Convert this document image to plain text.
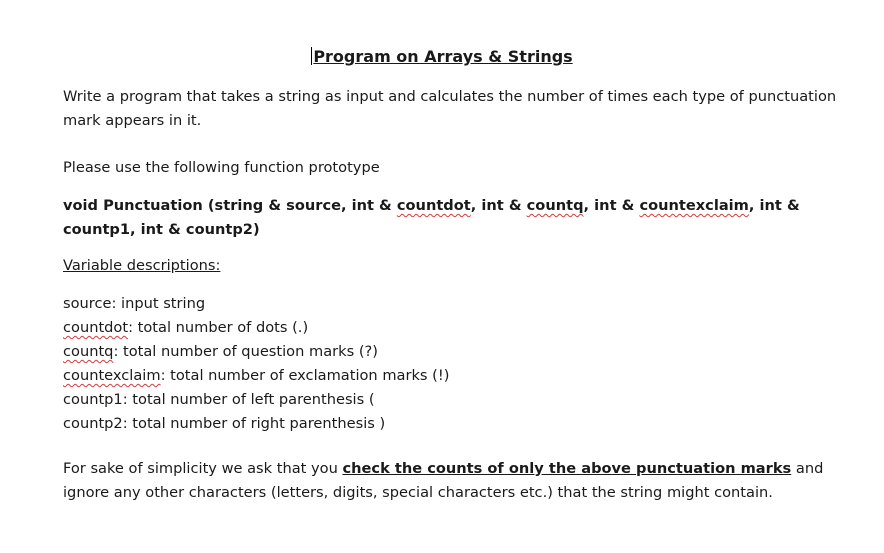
Program on Arrays & Strings

Write a program that takes a string as input and calculates the number of times each type of punctuation mark appears in it.

Please use the following function prototype

void Punctuation (string & source, int & countdot, int & countq, int & countexclaim, int & countp1, int & countp2)

Variable descriptions:

source: input string
countdot: total number of dots (.)
countq: total number of question marks (?)
countexclaim: total number of exclamation marks (!)
countp1: total number of left parenthesis (
countp2: total number of right parenthesis )

For sake of simplicity we ask that you check the counts of only the above punctuation marks and ignore any other characters (letters, digits, special characters etc.) that the string might contain.
